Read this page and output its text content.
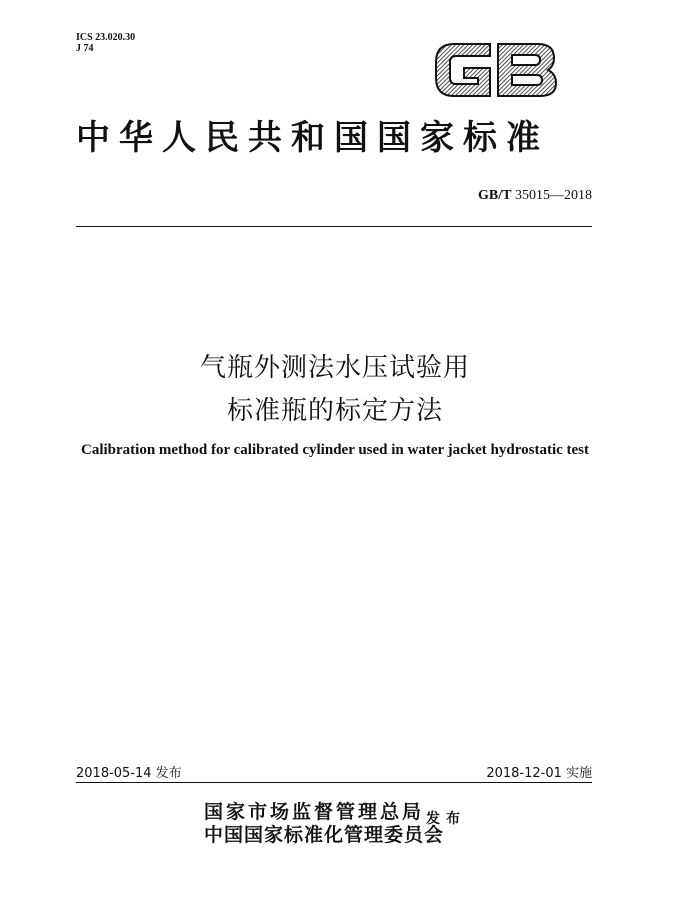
ICS 23.020.30
J 74
中华人民共和国国家标准
GB/T 35015—2018
气瓶外测法水压试验用
标准瓶的标定方法
Calibration method for calibrated cylinder used in water jacket hydrostatic test
2018-05-14 发布	2018-12-01 实施
国家市场监督管理总局
中国国家标准化管理委员会
发布
